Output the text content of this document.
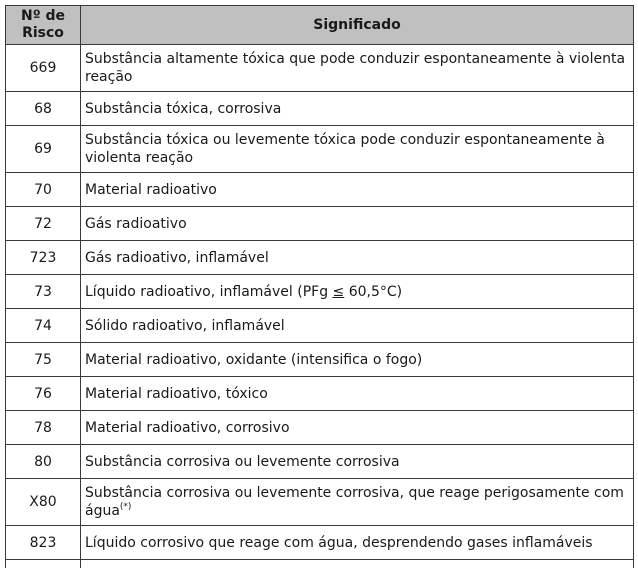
Nº de
Risco	Significado
669	Substância altamente tóxica que pode conduzir espontaneamente à violenta reação
68	Substância tóxica, corrosiva
69	Substância tóxica ou levemente tóxica pode conduzir espontaneamente à violenta reação
70	Material radioativo
72	Gás radioativo
723	Gás radioativo, inflamável
73	Líquido radioativo, inflamável (PFg ≤ 60,5°C)
74	Sólido radioativo, inflamável
75	Material radioativo, oxidante (intensifica o fogo)
76	Material radioativo, tóxico
78	Material radioativo, corrosivo
80	Substância corrosiva ou levemente corrosiva
X80	Substância corrosiva ou levemente corrosiva, que reage perigosamente com água(*)
823	Líquido corrosivo que reage com água, desprendendo gases inflamáveis
